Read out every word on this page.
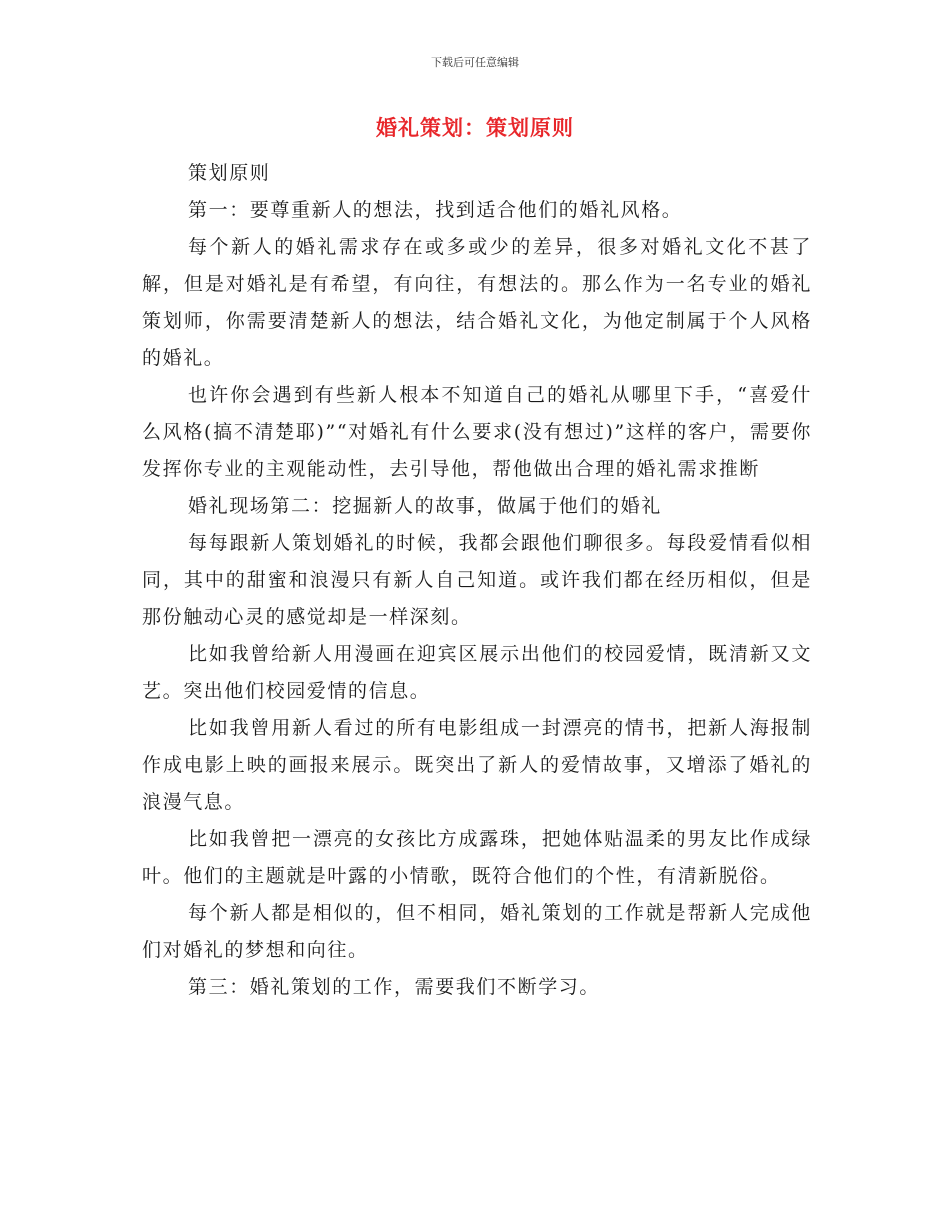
下载后可任意编辑
婚礼策划：策划原则

策划原则

第一：要尊重新人的想法，找到适合他们的婚礼风格。

每个新人的婚礼需求存在或多或少的差异，很多对婚礼文化不甚了解，但是对婚礼是有希望，有向往，有想法的。那么作为一名专业的婚礼策划师，你需要清楚新人的想法，结合婚礼文化，为他定制属于个人风格的婚礼。

也许你会遇到有些新人根本不知道自己的婚礼从哪里下手，“喜爱什么风格(搞不清楚耶)”“对婚礼有什么要求(没有想过)”这样的客户，需要你发挥你专业的主观能动性，去引导他，帮他做出合理的婚礼需求推断

婚礼现场第二：挖掘新人的故事，做属于他们的婚礼

每每跟新人策划婚礼的时候，我都会跟他们聊很多。每段爱情看似相同，其中的甜蜜和浪漫只有新人自己知道。或许我们都在经历相似，但是那份触动心灵的感觉却是一样深刻。

比如我曾给新人用漫画在迎宾区展示出他们的校园爱情，既清新又文艺。突出他们校园爱情的信息。

比如我曾用新人看过的所有电影组成一封漂亮的情书，把新人海报制作成电影上映的画报来展示。既突出了新人的爱情故事，又增添了婚礼的浪漫气息。

比如我曾把一漂亮的女孩比方成露珠，把她体贴温柔的男友比作成绿叶。他们的主题就是叶露的小情歌，既符合他们的个性，有清新脱俗。

每个新人都是相似的，但不相同，婚礼策划的工作就是帮新人完成他们对婚礼的梦想和向往。

第三：婚礼策划的工作，需要我们不断学习。
